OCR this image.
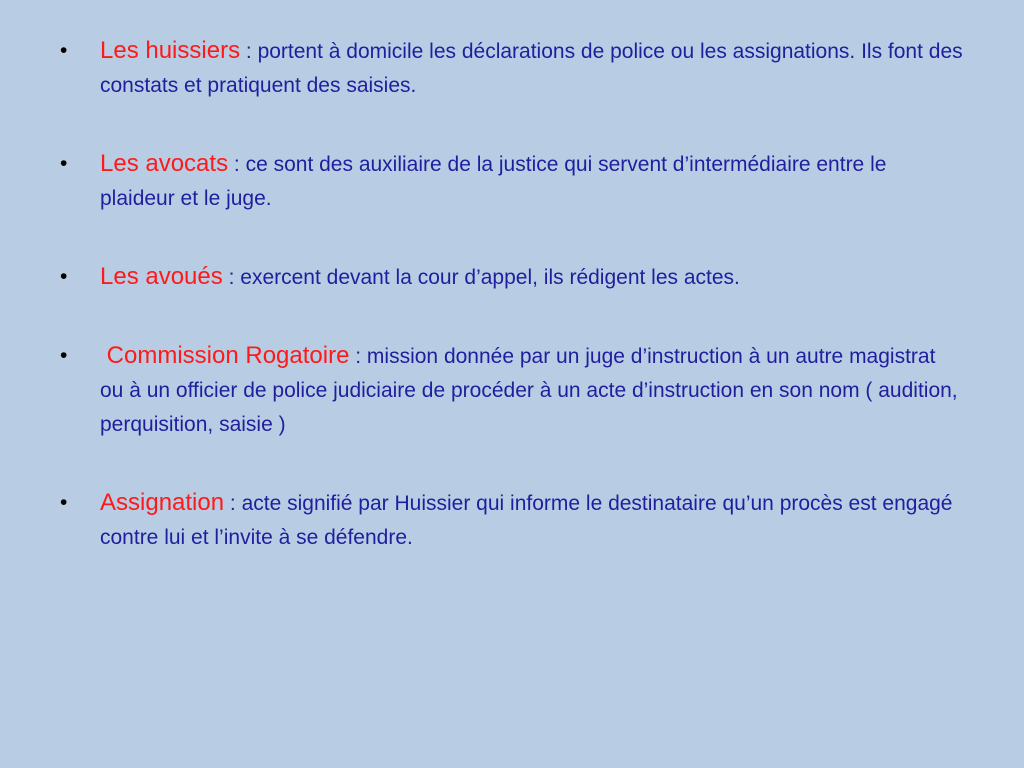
•	Les huissiers : portent à domicile les déclarations de police ou les assignations. Ils font des constats et pratiquent des saisies.
•	Les avocats : ce sont des auxiliaire de la justice qui servent d’intermédiaire entre le plaideur et le juge.
•	Les avoués : exercent devant la cour d’appel, ils rédigent les actes.
•	Commission Rogatoire : mission donnée par un juge d’instruction à un autre magistrat ou à un officier de police judiciaire de procéder à un acte d’instruction en son nom ( audition, perquisition, saisie )
•	Assignation : acte signifié par Huissier qui informe le destinataire qu’un procès est engagé contre lui et l’invite à se défendre.
